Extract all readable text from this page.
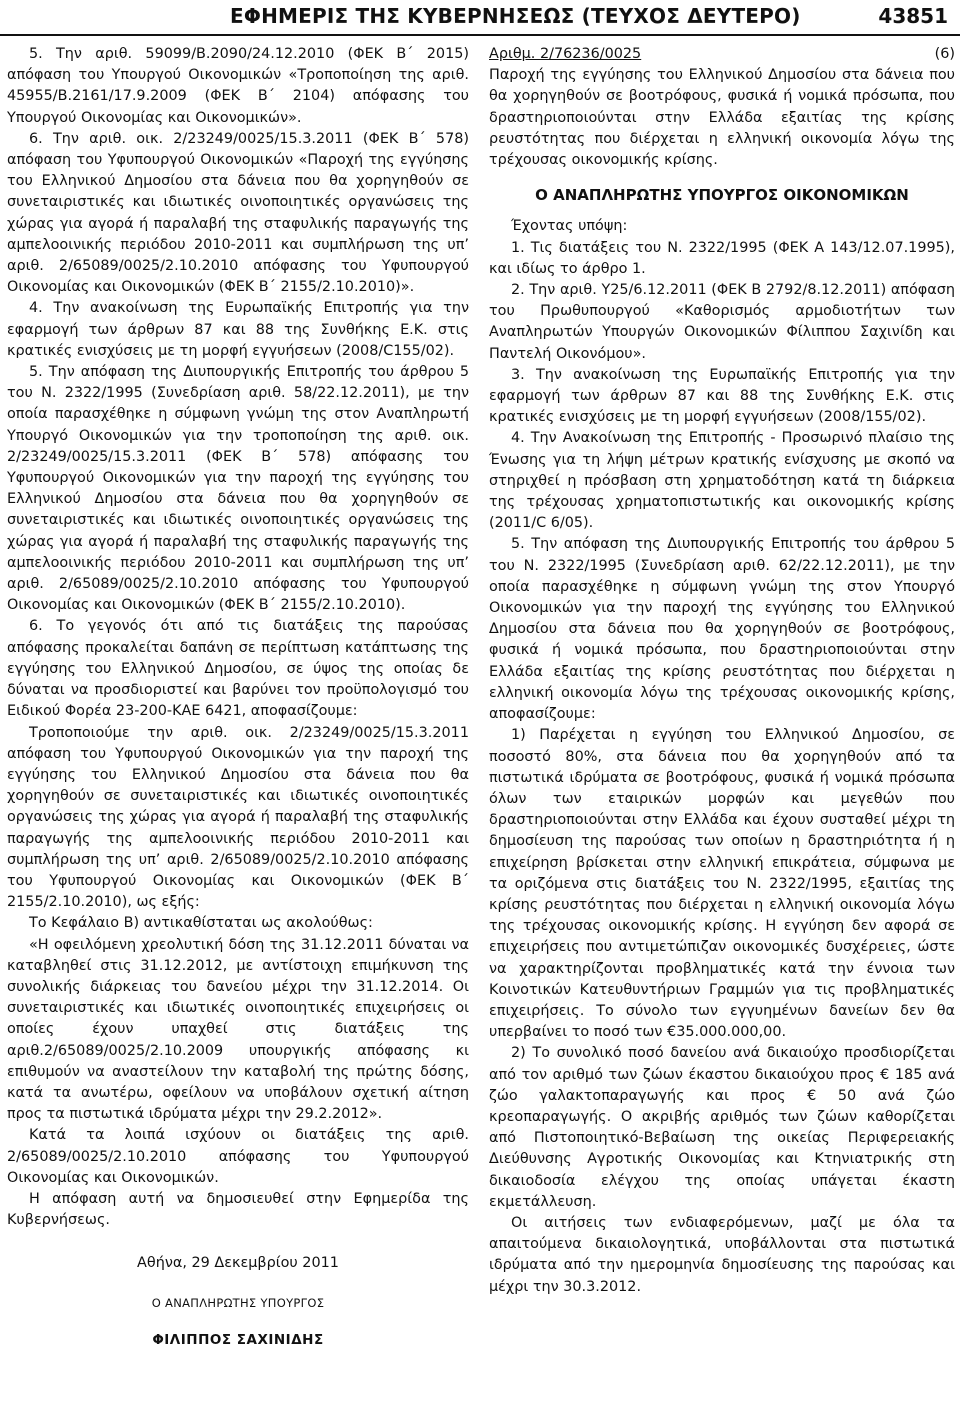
ΕΦΗΜΕΡΙΣ ΤΗΣ ΚΥΒΕΡΝΗΣΕΩΣ (ΤΕΥΧΟΣ ΔΕΥΤΕΡΟ)	43851

5. Την αριθ. 59099/Β.2090/24.12.2010 (ΦΕΚ Β΄ 2015) απόφαση του Υπουργού Οικονομικών «Τροποποίηση της αριθ. 45955/Β.2161/17.9.2009 (ΦΕΚ Β΄ 2104) απόφασης του Υπουργού Οικονομίας και Οικονομικών».

6. Την αριθ. οικ. 2/23249/0025/15.3.2011 (ΦΕΚ Β΄ 578) απόφαση του Υφυπουργού Οικονομικών «Παροχή της εγγύησης του Ελληνικού Δημοσίου στα δάνεια που θα χορηγηθούν σε συνεταιριστικές και ιδιωτικές οινοποιητικές οργανώσεις της χώρας για αγορά ή παραλαβή της σταφυλικής παραγωγής της αμπελοοινικής περιόδου 2010-2011 και συμπλήρωση της υπ’ αριθ. 2/65089/0025/2.10.2010 απόφασης του Υφυπουργού Οικονομίας και Οικονομικών (ΦΕΚ Β΄ 2155/2.10.2010)».

4. Την ανακοίνωση της Ευρωπαϊκής Επιτροπής για την εφαρμογή των άρθρων 87 και 88 της Συνθήκης Ε.Κ. στις κρατικές ενισχύσεις με τη μορφή εγγυήσεων (2008/C155/02).

5. Την απόφαση της Διυπουργικής Επιτροπής του άρθρου 5 του Ν. 2322/1995 (Συνεδρίαση αριθ. 58/22.12.2011), με την οποία παρασχέθηκε η σύμφωνη γνώμη της στον Αναπληρωτή Υπουργό Οικονομικών για την τροποποίηση της αριθ. οικ. 2/23249/0025/15.3.2011 (ΦΕΚ Β΄ 578) απόφασης του Υφυπουργού Οικονομικών για την παροχή της εγγύησης του Ελληνικού Δημοσίου στα δάνεια που θα χορηγηθούν σε συνεταιριστικές και ιδιωτικές οινοποιητικές οργανώσεις της χώρας για αγορά ή παραλαβή της σταφυλικής παραγωγής της αμπελοοινικής περιόδου 2010-2011 και συμπλήρωση της υπ’ αριθ. 2/65089/0025/2.10.2010 απόφασης του Υφυπουργού Οικονομίας και Οικονομικών (ΦΕΚ Β΄ 2155/2.10.2010).

6. Το γεγονός ότι από τις διατάξεις της παρούσας απόφασης προκαλείται δαπάνη σε περίπτωση κατάπτωσης της εγγύησης του Ελληνικού Δημοσίου, σε ύψος της οποίας δε δύναται να προσδιοριστεί και βαρύνει τον προϋπολογισμό του Ειδικού Φορέα 23-200-ΚΑΕ 6421, αποφασίζουμε:

Τροποποιούμε την αριθ. οικ. 2/23249/0025/15.3.2011 απόφαση του Υφυπουργού Οικονομικών για την παροχή της εγγύησης του Ελληνικού Δημοσίου στα δάνεια που θα χορηγηθούν σε συνεταιριστικές και ιδιωτικές οινοποιητικές οργανώσεις της χώρας για αγορά ή παραλαβή της σταφυλικής παραγωγής της αμπελοοινικής περιόδου 2010-2011 και συμπλήρωση της υπ’ αριθ. 2/65089/0025/2.10.2010 απόφασης του Υφυπουργού Οικονομίας και Οικονομικών (ΦΕΚ Β΄ 2155/2.10.2010), ως εξής:

Το Κεφάλαιο Β) αντικαθίσταται ως ακολούθως:

«Η οφειλόμενη χρεολυτική δόση της 31.12.2011 δύναται να καταβληθεί στις 31.12.2012, με αντίστοιχη επιμήκυνση της συνολικής διάρκειας του δανείου μέχρι την 31.12.2014. Οι συνεταιριστικές και ιδιωτικές οινοποιητικές επιχειρήσεις οι οποίες έχουν υπαχθεί στις διατάξεις της αριθ.2/65089/0025/2.10.2009 υπουργικής απόφασης κι επιθυμούν να αναστείλουν την καταβολή της πρώτης δόσης, κατά τα ανωτέρω, οφείλουν να υποβάλουν σχετική αίτηση προς τα πιστωτικά ιδρύματα μέχρι την 29.2.2012».

Κατά τα λοιπά ισχύουν οι διατάξεις της αριθ. 2/65089/0025/2.10.2010 απόφασης του Υφυπουργού Οικονομίας και Οικονομικών.

Η απόφαση αυτή να δημοσιευθεί στην Εφημερίδα της Κυβερνήσεως.

Αθήνα, 29 Δεκεμβρίου 2011

Ο ΑΝΑΠΛΗΡΩΤΗΣ ΥΠΟΥΡΓΟΣ

ΦΙΛΙΠΠΟΣ ΣΑΧΙΝΙΔΗΣ

Αριθμ. 2/76236/0025	(6)

Παροχή της εγγύησης του Ελληνικού Δημοσίου στα δάνεια που θα χορηγηθούν σε βοοτρόφους, φυσικά ή νομικά πρόσωπα, που δραστηριοποιούνται στην Ελλάδα εξαιτίας της κρίσης ρευστότητας που διέρχεται η ελληνική οικονομία λόγω της τρέχουσας οικονομικής κρίσης.

Ο ΑΝΑΠΛΗΡΩΤΗΣ ΥΠΟΥΡΓΟΣ ΟΙΚΟΝΟΜΙΚΩΝ

Έχοντας υπόψη:

1. Τις διατάξεις του Ν. 2322/1995 (ΦΕΚ Α 143/12.07.1995), και ιδίως το άρθρο 1.

2. Την αριθ. Υ25/6.12.2011 (ΦΕΚ Β 2792/8.12.2011) απόφαση του Πρωθυπουργού «Καθορισμός αρμοδιοτήτων των Αναπληρωτών Υπουργών Οικονομικών Φίλιππου Σαχινίδη και Παντελή Οικονόμου».

3. Την ανακοίνωση της Ευρωπαϊκής Επιτροπής για την εφαρμογή των άρθρων 87 και 88 της Συνθήκης Ε.Κ. στις κρατικές ενισχύσεις με τη μορφή εγγυήσεων (2008/155/02).

4. Την Ανακοίνωση της Επιτροπής - Προσωρινό πλαίσιο της Ένωσης για τη λήψη μέτρων κρατικής ενίσχυσης με σκοπό να στηριχθεί η πρόσβαση στη χρηματοδότηση κατά τη διάρκεια της τρέχουσας χρηματοπιστωτικής και οικονομικής κρίσης (2011/C 6/05).

5. Την απόφαση της Διυπουργικής Επιτροπής του άρθρου 5 του Ν. 2322/1995 (Συνεδρίαση αριθ. 62/22.12.2011), με την οποία παρασχέθηκε η σύμφωνη γνώμη της στον Υπουργό Οικονομικών για την παροχή της εγγύησης του Ελληνικού Δημοσίου στα δάνεια που θα χορηγηθούν σε βοοτρόφους, φυσικά ή νομικά πρόσωπα, που δραστηριοποιούνται στην Ελλάδα εξαιτίας της κρίσης ρευστότητας που διέρχεται η ελληνική οικονομία λόγω της τρέχουσας οικονομικής κρίσης, αποφασίζουμε:

1) Παρέχεται η εγγύηση του Ελληνικού Δημοσίου, σε ποσοστό 80%, στα δάνεια που θα χορηγηθούν από τα πιστωτικά ιδρύματα σε βοοτρόφους, φυσικά ή νομικά πρόσωπα όλων των εταιρικών μορφών και μεγεθών που δραστηριοποιούνται στην Ελλάδα και έχουν συσταθεί μέχρι τη δημοσίευση της παρούσας των οποίων η δραστηριότητα ή η επιχείρηση βρίσκεται στην ελληνική επικράτεια, σύμφωνα με τα οριζόμενα στις διατάξεις του Ν. 2322/1995, εξαιτίας της κρίσης ρευστότητας που διέρχεται η ελληνική οικονομία λόγω της τρέχουσας οικονομικής κρίσης. Η εγγύηση δεν αφορά σε επιχειρήσεις που αντιμετώπιζαν οικονομικές δυσχέρειες, ώστε να χαρακτηρίζονται προβληματικές κατά την έννοια των Κοινοτικών Κατευθυντήριων Γραμμών για τις προβληματικές επιχειρήσεις. Το σύνολο των εγγυημένων δανείων δεν θα υπερβαίνει το ποσό των €35.000.000,00.

2) Το συνολικό ποσό δανείου ανά δικαιούχο προσδιορίζεται από τον αριθμό των ζώων έκαστου δικαιούχου προς € 185 ανά ζώο γαλακτοπαραγωγής και προς € 50 ανά ζώο κρεοπαραγωγής. Ο ακριβής αριθμός των ζώων καθορίζεται από Πιστοποιητικό-Βεβαίωση της οικείας Περιφερειακής Διεύθυνσης Αγροτικής Οικονομίας και Κτηνιατρικής στη δικαιοδοσία ελέγχου της οποίας υπάγεται έκαστη εκμετάλλευση.

Οι αιτήσεις των ενδιαφερόμενων, μαζί με όλα τα απαιτούμενα δικαιολογητικά, υποβάλλονται στα πιστωτικά ιδρύματα από την ημερομηνία δημοσίευσης της παρούσας και μέχρι την 30.3.2012.
